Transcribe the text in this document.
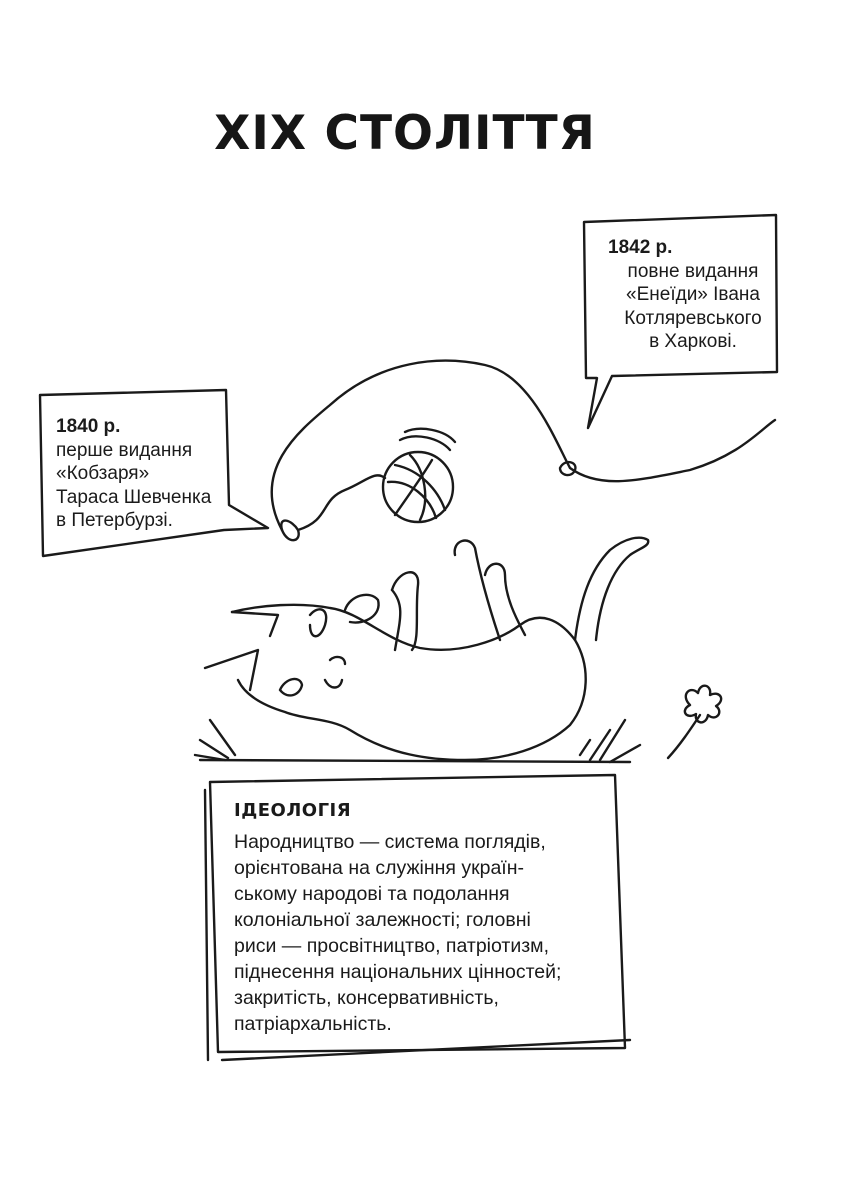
XIX СТОЛІТТЯ
1840 р.
перше видання
«Кобзаря»
Тараса Шевченка
в Петербурзі.
1842 р.
повне видання
«Енеїди» Івана
Котляревського
в Харкові.
ІДЕОЛОГІЯ
Народництво — система поглядів,
орієнтована на служіння україн-
ському народові та подолання
колоніальної залежності; головні
риси — просвітництво, патріотизм,
піднесення національних цінностей;
закритість, консервативність,
патріархальність.
